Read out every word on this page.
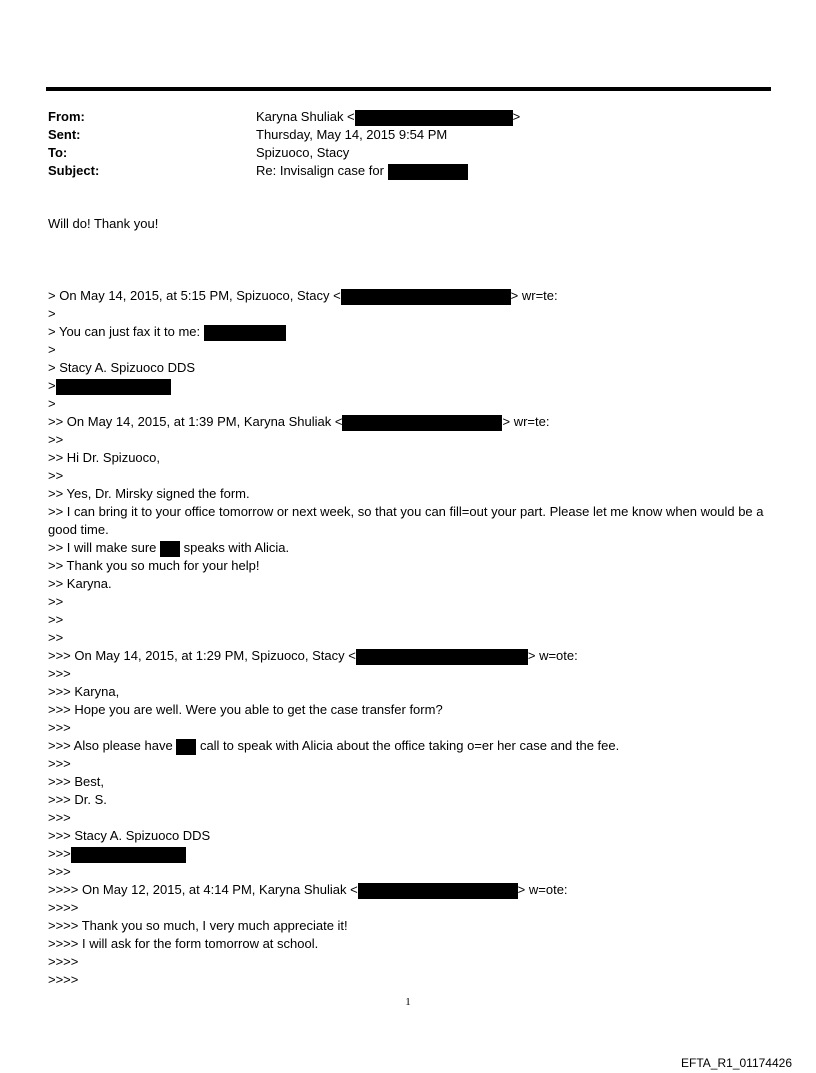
From:	Karyna Shuliak <	>
Sent:	Thursday, May 14, 2015 9:54 PM
To:	Spizuoco, Stacy
Subject:	Re: Invisalign case for
Will do! Thank you!
> On May 14, 2015, at 5:15 PM, Spizuoco, Stacy <	> wr=te:
>
> You can just fax it to me:
>
> Stacy A. Spizuoco DDS
>
>
>> On May 14, 2015, at 1:39 PM, Karyna Shuliak <	> wr=te:
>>
>> Hi Dr. Spizuoco,
>>
>> Yes, Dr. Mirsky signed the form.
>> I can bring it to your office tomorrow or next week, so that you can fill=out your part. Please let me know when would be a good time.
>> I will make sure speaks with Alicia.
>> Thank you so much for your help!
>> Karyna.
>>
>>
>>
>>> On May 14, 2015, at 1:29 PM, Spizuoco, Stacy <	> w=ote:
>>>
>>> Karyna,
>>> Hope you are well. Were you able to get the case transfer form?
>>>
>>> Also please have call to speak with Alicia about the office taking o=er her case and the fee.
>>>
>>> Best,
>>> Dr. S.
>>>
>>> Stacy A. Spizuoco DDS
>>>
>>>
>>>> On May 12, 2015, at 4:14 PM, Karyna Shuliak <	> w=ote:
>>>>
>>>> Thank you so much, I very much appreciate it!
>>>> I will ask for the form tomorrow at school.
>>>>
>>>>
1
EFTA_R1_01174426
